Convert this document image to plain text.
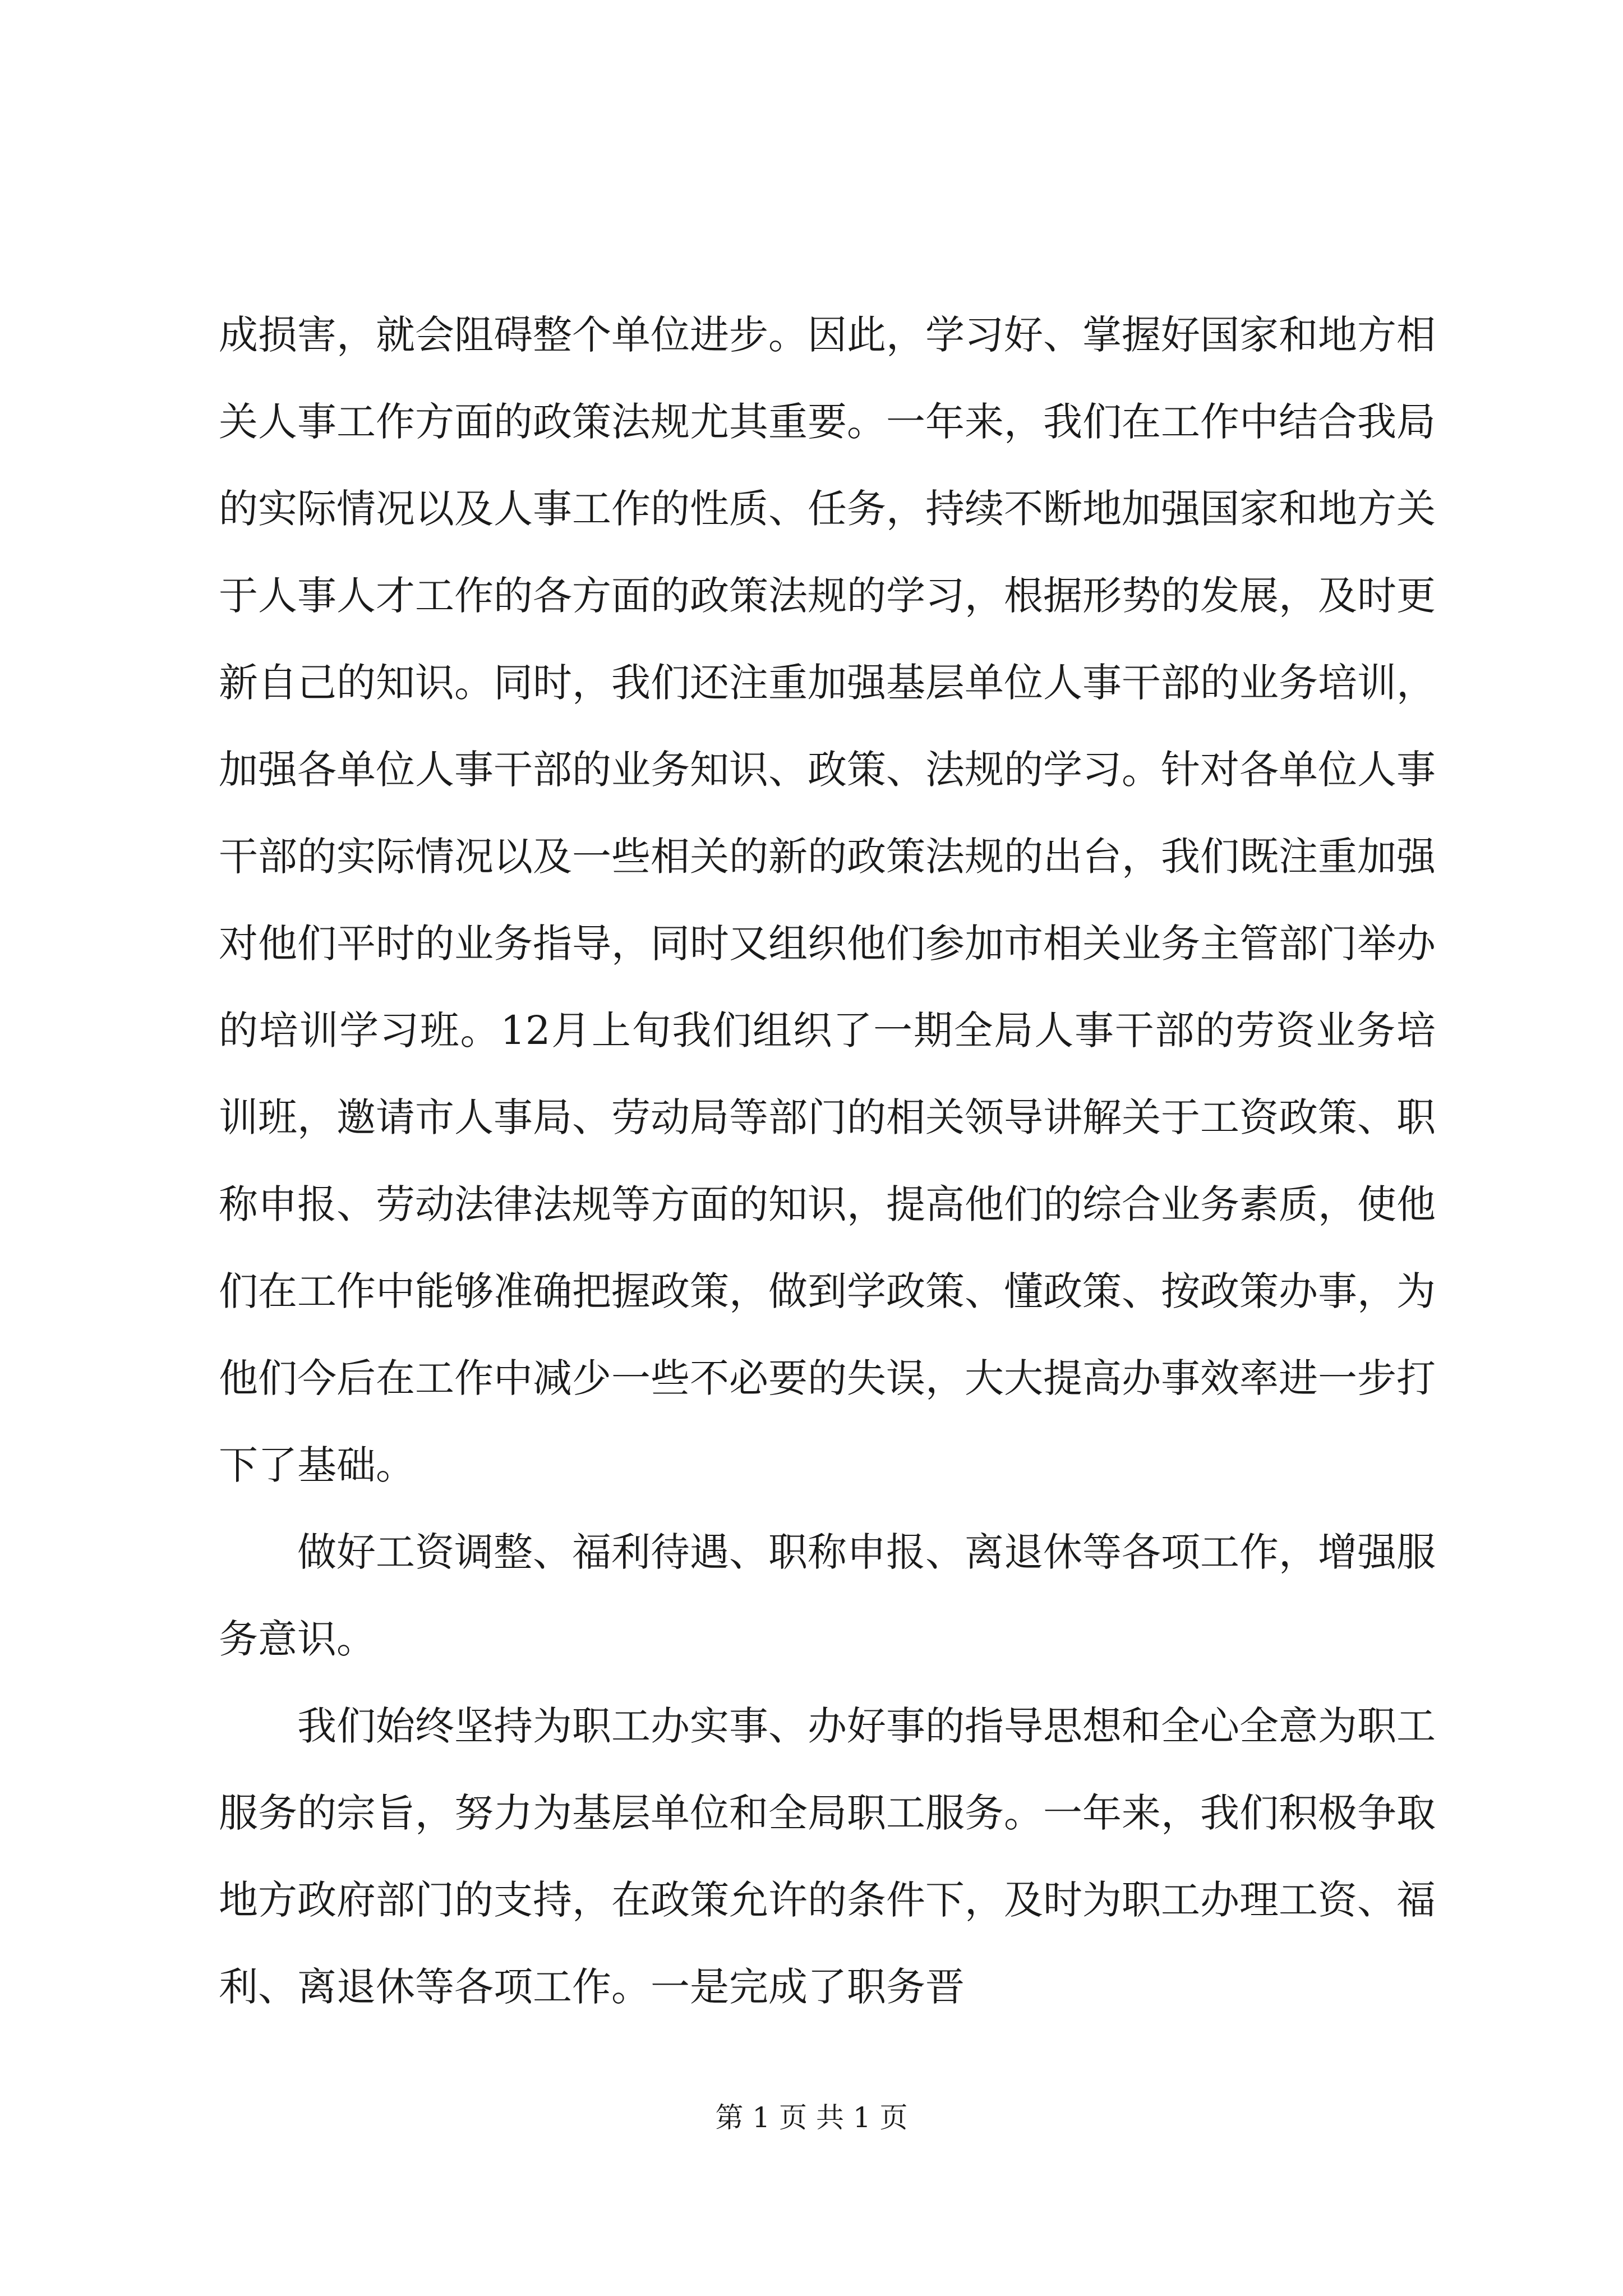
成损害，就会阻碍整个单位进步。因此，学习好、掌握好国家和地方相关人事工作方面的政策法规尤其重要。一年来，我们在工作中结合我局的实际情况以及人事工作的性质、任务，持续不断地加强国家和地方关于人事人才工作的各方面的政策法规的学习，根据形势的发展，及时更新自己的知识。同时，我们还注重加强基层单位人事干部的业务培训，加强各单位人事干部的业务知识、政策、法规的学习。针对各单位人事干部的实际情况以及一些相关的新的政策法规的出台，我们既注重加强对他们平时的业务指导，同时又组织他们参加市相关业务主管部门举办的培训学习班。12月上旬我们组织了一期全局人事干部的劳资业务培训班，邀请市人事局、劳动局等部门的相关领导讲解关于工资政策、职称申报、劳动法律法规等方面的知识，提高他们的综合业务素质，使他们在工作中能够准确把握政策，做到学政策、懂政策、按政策办事，为他们今后在工作中减少一些不必要的失误，大大提高办事效率进一步打下了基础。

做好工资调整、福利待遇、职称申报、离退休等各项工作，增强服务意识。

我们始终坚持为职工办实事、办好事的指导思想和全心全意为职工服务的宗旨，努力为基层单位和全局职工服务。一年来，我们积极争取地方政府部门的支持，在政策允许的条件下，及时为职工办理工资、福利、离退休等各项工作。一是完成了职务晋

第 1 页 共 1 页
